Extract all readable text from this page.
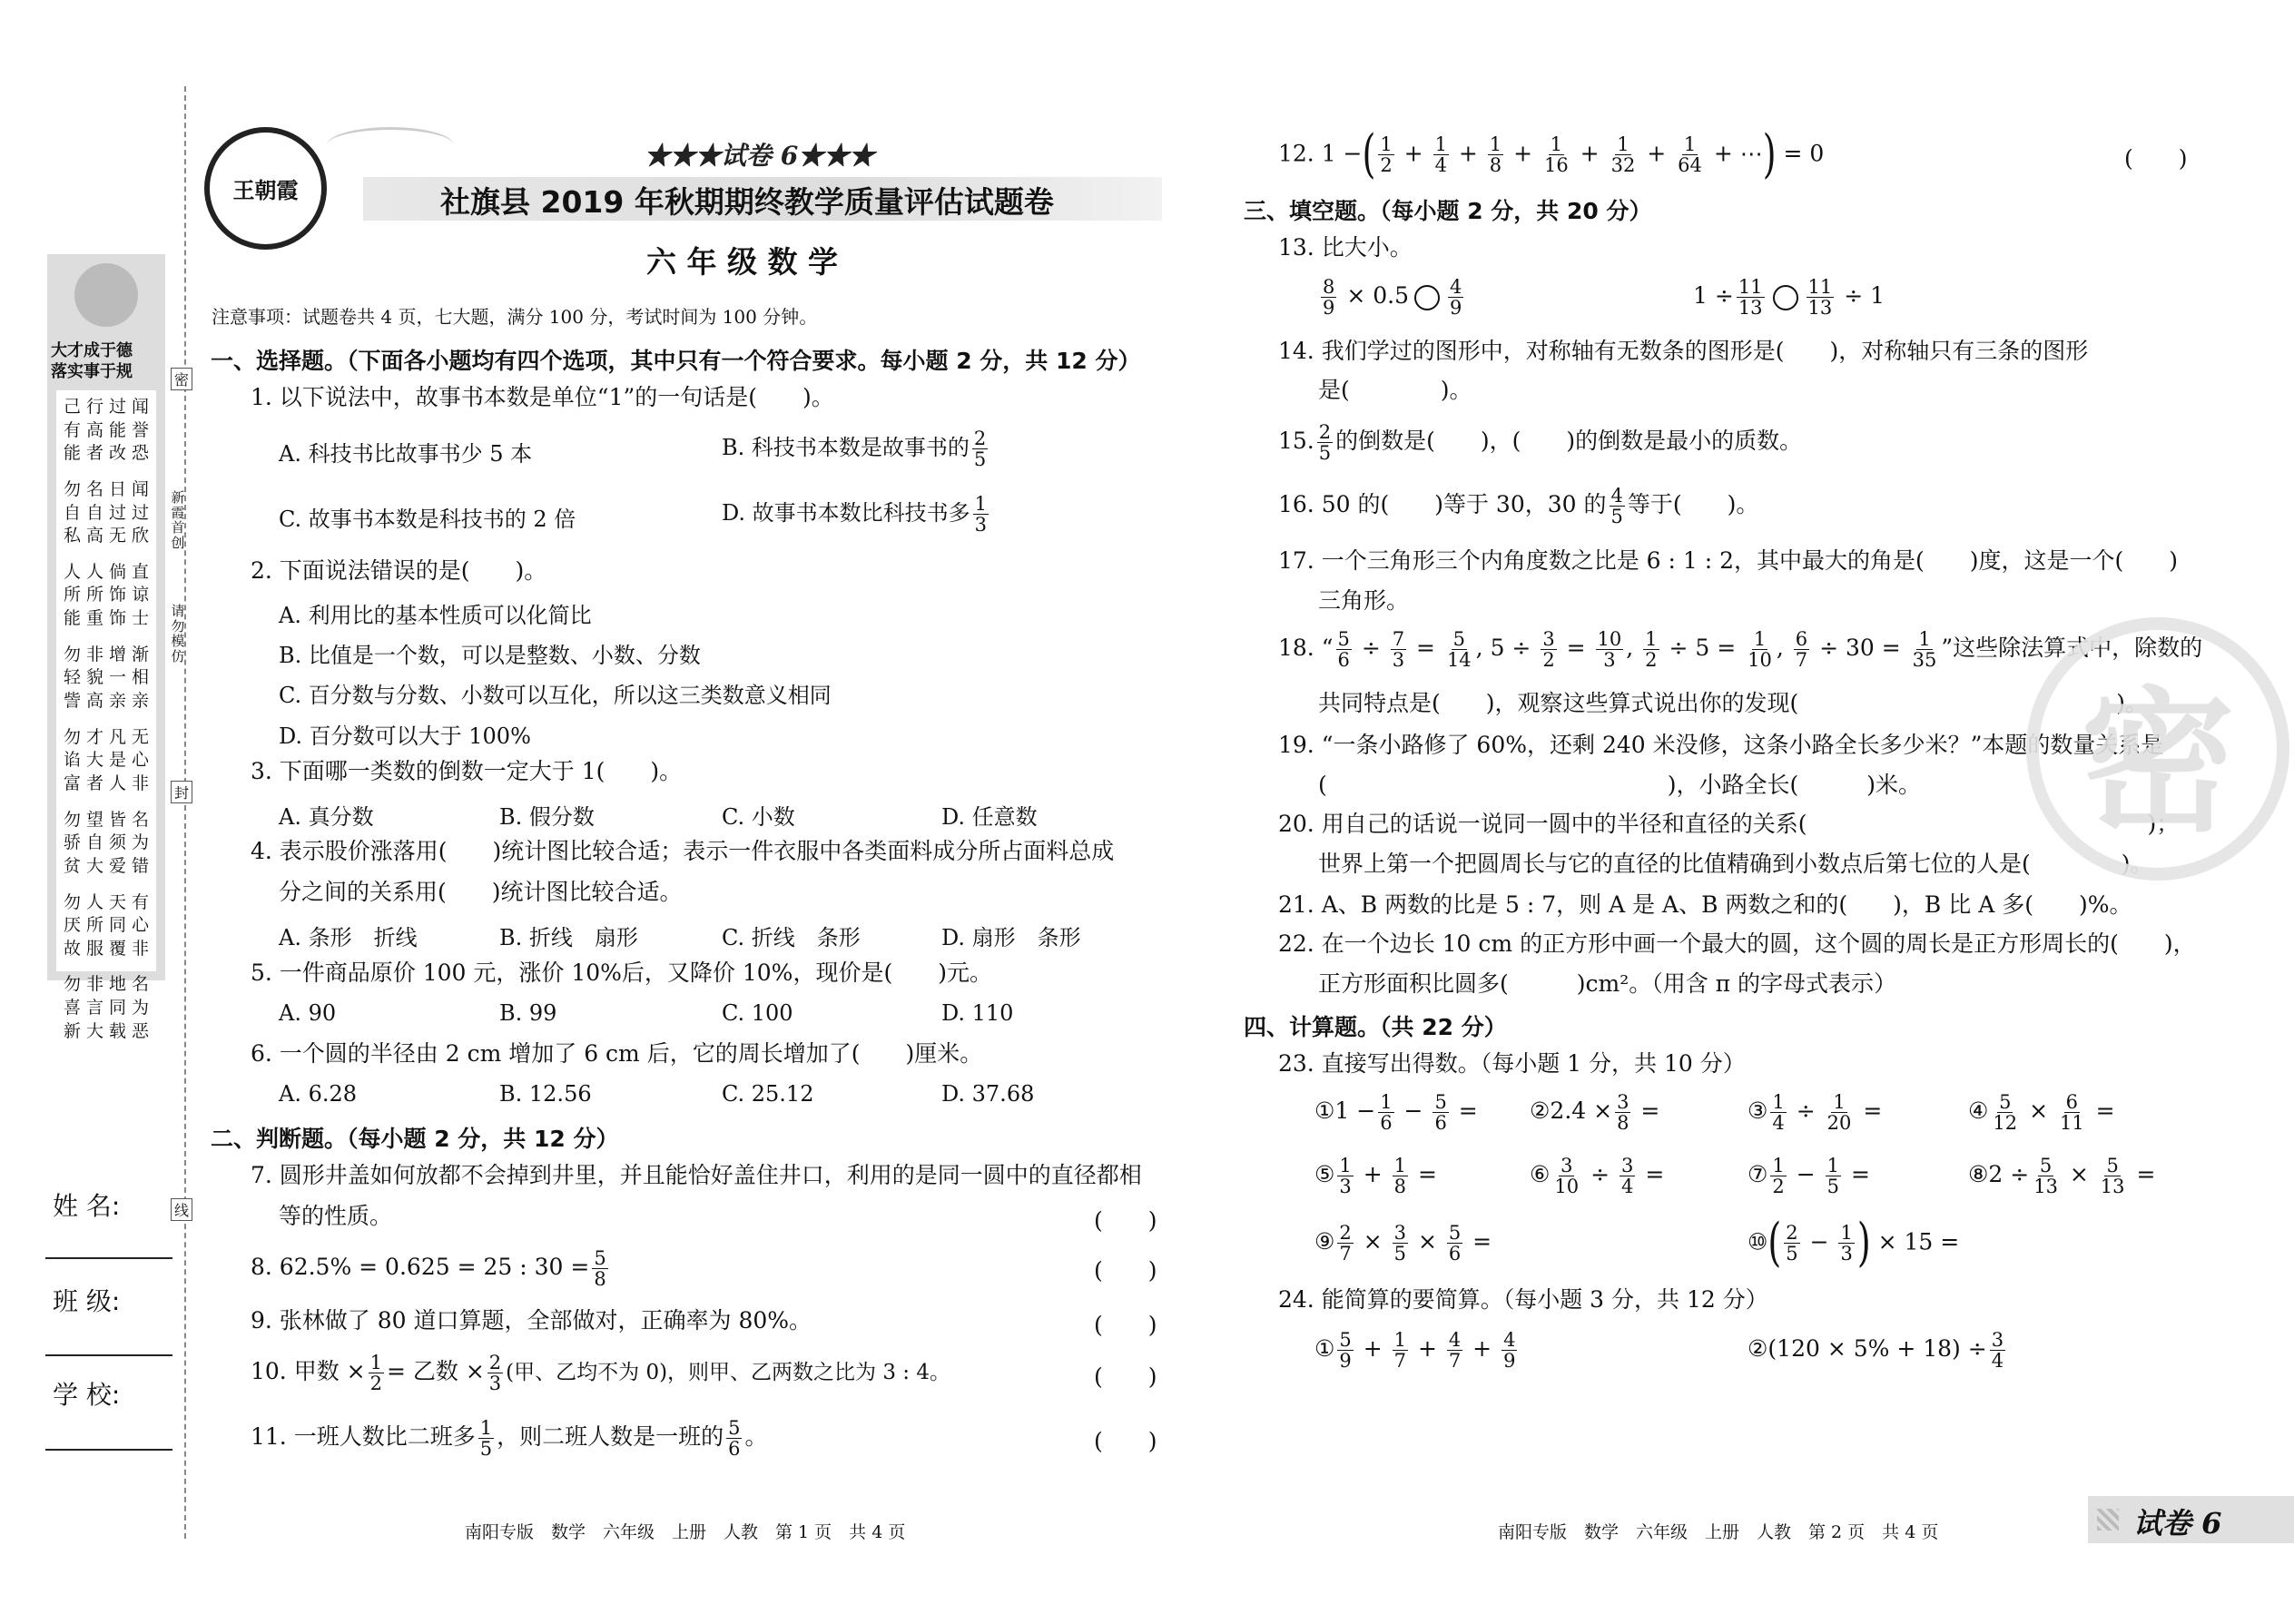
大才成于德
落实事于规
己 行 过 闻
有 高 能 誉
能 者 改 恐
勿 名 日 闻
自 自 过 过
私 高 无 欣
人 人 倘 直
所 所 饰 谅
能 重 饰 士
勿 非 增 渐
轻 貌 一 相
訾 高 亲 亲
勿 才 凡 无
谄 大 是 心
富 者 人 非
勿 望 皆 名
骄 自 须 为
贫 大 爱 错
勿 人 天 有
厌 所 同 心
故 服 覆 非
勿 非 地 名
喜 言 同 为
新 大 载 恶
密
新
霞
首
创
请
勿
模
仿
封
线
姓 名:
班 级:
学 校:
王朝霞
★★★试卷 6★★★
社旗县 2019 年秋期期终教学质量评估试题卷
六 年 级 数 学
注意事项：试题卷共 4 页，七大题，满分 100 分，考试时间为 100 分钟。
一、选择题。（下面各小题均有四个选项，其中只有一个符合要求。每小题 2 分，共 12 分）
1. 以下说法中，故事书本数是单位“1”的一句话是(　　)。
A. 科技书比故事书少 5 本	B. 科技书本数是故事书的 $\frac{2}{5}$
C. 故事书本数是科技书的 2 倍	D. 故事书本数比科技书多 $\frac{1}{3}$
2. 下面说法错误的是(　　)。
A. 利用比的基本性质可以化简比
B. 比值是一个数，可以是整数、小数、分数
C. 百分数与分数、小数可以互化，所以这三类数意义相同
D. 百分数可以大于 100%
3. 下面哪一类数的倒数一定大于 1(　　)。
A. 真分数	B. 假分数	C. 小数	D. 任意数
4. 表示股价涨落用(　　)统计图比较合适；表示一件衣服中各类面料成分所占面料总成
分之间的关系用(　　)统计图比较合适。
A. 条形　折线	B. 折线　扇形	C. 折线　条形	D. 扇形　条形
5. 一件商品原价 100 元，涨价 10%后，又降价 10%，现价是(　　)元。
A. 90	B. 99	C. 100	D. 110
6. 一个圆的半径由 2 cm 增加了 6 cm 后，它的周长增加了(　　)厘米。
A. 6.28	B. 12.56	C. 25.12	D. 37.68
二、判断题。（每小题 2 分，共 12 分）
7. 圆形井盖如何放都不会掉到井里，并且能恰好盖住井口，利用的是同一圆中的直径都相
等的性质。	(　　)
8. 62.5% = 0.625 = 25 : $30 = \frac{5}{8}$	(　　)
9. 张林做了 80 道口算题，全部做对，正确率为 80%。	(　　)
10. 甲数 × $\frac{1}{2}$ = 乙数 × $\frac{2}{3}$ (甲、乙均不为 0)，则甲、乙两数之比为 3 : 4。	(　　)
11. 一班人数比二班多 $\frac{1}{5}$ ，则二班人数是一班的 $\frac{5}{6}$ 。	(　　)
南阳专版　数学　六年级　上册　人教　第 1 页　共 4 页
12. 1 −( $\frac{1}{2} + \frac{1}{4} + \frac{1}{8} + \frac{1}{16} + \frac{1}{32} + \frac{1}{64}$ + ⋯) = 0	(　　)
三、填空题。（每小题 2 分，共 20 分）
13. 比大小。
$\frac{8}{9} \times 0.5 \frac{4}{9}$	$1 \div \frac{11}{13} \frac{11}{13} \div 1$
14. 我们学过的图形中，对称轴有无数条的图形是(　　)，对称轴只有三条的图形
是(　　　　)。
15. $\frac{2}{5}$ 的倒数是(　　)，(　　)的倒数是最小的质数。
16. 50 的(　　)等于 30，30 的 $\frac{4}{5}$ 等于(　　)。
17. 一个三角形三个内角度数之比是 6 : 1 : 2，其中最大的角是(　　)度，这是一个(　　)
三角形。
18. “ $\frac{5}{6} \div \frac{7}{3} = \frac{5}{14}$ , $5 \div \frac{3}{2} = \frac{10}{3}$ , $\frac{1}{2} \div 5 = \frac{1}{10}$ , $\frac{6}{7} \div 30 = \frac{1}{35}$ ”这些除法算式中，除数的
共同特点是(　　)，观察这些算式说出你的发现(　　　　　　　　　　　　　　)。
19. “一条小路修了 60%，还剩 240 米没修，这条小路全长多少米？”本题的数量关系是
(　　　　　　　　　　　　　　　)，小路全长(　　　)米。
20. 用自己的话说一说同一圆中的半径和直径的关系(　　　　　　　　　　　　　　　)；
世界上第一个把圆周长与它的直径的比值精确到小数点后第七位的人是(　　　　)。
21. A、B 两数的比是 5 : 7，则 A 是 A、B 两数之和的(　　)，B 比 A 多(　　)%。
22. 在一个边长 10 cm 的正方形中画一个最大的圆，这个圆的周长是正方形周长的(　　)，
正方形面积比圆多(　　　)cm²。（用含 π 的字母式表示）
四、计算题。（共 22 分）
23. 直接写出得数。（每小题 1 分，共 10 分）
①1 − $\frac{1}{6} - \frac{5}{6}$ = ②2.4 × $\frac{3}{8}$ =	③ $\frac{1}{4} \div \frac{1}{20}$ =	④ $\frac{5}{12} \times \frac{6}{11}$ =
⑤ $\frac{1}{3} + \frac{1}{8}$ =	⑥ $\frac{3}{10} \div \frac{3}{4}$ =	⑦ $\frac{1}{2} - \frac{1}{5}$ =	⑧2 ÷ $\frac{5}{13} \times \frac{5}{13}$ =
⑨ $\frac{2}{7} \times \frac{3}{5} \times \frac{5}{6}$ =	⑩( $\frac{2}{5} - \frac{1}{3}$ ) × 15 =
24. 能简算的要简算。（每小题 3 分，共 12 分）
① $\frac{5}{9} + \frac{1}{7} + \frac{4}{7} + \frac{4}{9}$	②(120 × $5\% + 18) \div \frac{3}{4}$
南阳专版　数学　六年级　上册　人教　第 2 页　共 4 页
密
试卷 6
